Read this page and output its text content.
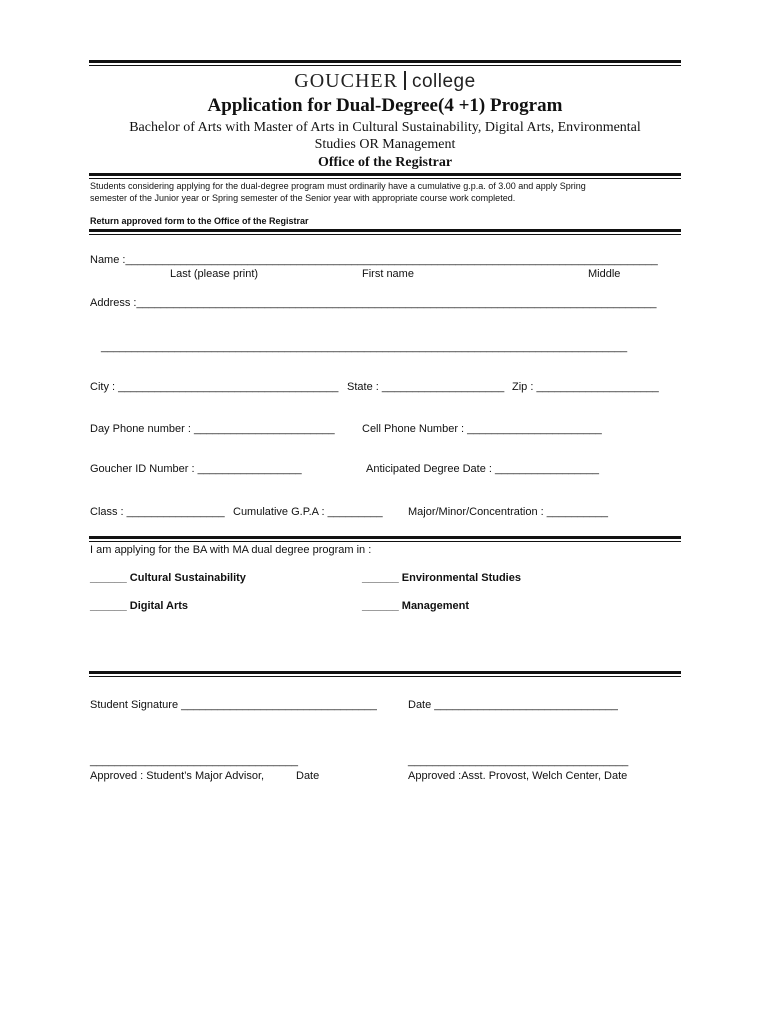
GOUCHER college
Application for Dual-Degree(4 +1) Program
Bachelor of Arts with Master of Arts in Cultural Sustainability, Digital Arts, Environmental
Studies OR Management
Office of the Registrar
Students considering applying for the dual-degree program must ordinarily have a cumulative g.p.a. of 3.00 and apply Spring
semester of the Junior year or Spring semester of the Senior year with appropriate course work completed.
Return approved form to the Office of the Registrar
Name :_______________________________________________________________________________________
Last (please print)	First name	Middle
Address :_____________________________________________________________________________________
______________________________________________________________________________________
City : ____________________________________ State : ____________________ Zip : ____________________
Day Phone number : _______________________ Cell Phone Number : ______________________
Goucher ID Number : _________________	Anticipated Degree Date : _________________
Class : ________________ Cumulative G.P.A : _________ Major/Minor/Concentration : __________
I am applying for the BA with MA dual degree program in :
______ Cultural Sustainability	______ Environmental Studies
______ Digital Arts	______ Management
Student Signature ________________________________	Date ______________________________
__________________________________	____________________________________
Approved : Student’s Major Advisor,	Date	Approved :Asst. Provost, Welch Center, Date
